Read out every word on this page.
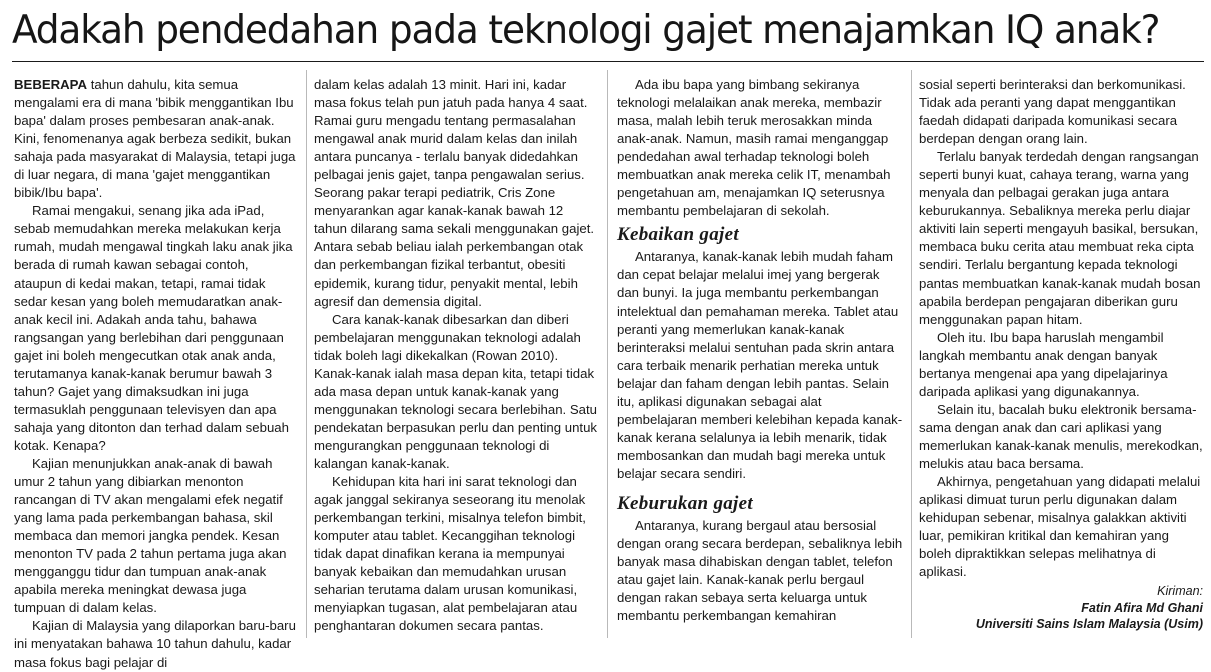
Adakah pendedahan pada teknologi gajet menajamkan IQ anak?

BEBERAPA tahun dahulu, kita semua mengalami era di mana 'bibik menggantikan Ibu bapa' dalam proses pembesaran anak-anak. Kini, fenomenanya agak berbeza sedikit, bukan sahaja pada masyarakat di Malaysia, tetapi juga di luar negara, di mana 'gajet menggantikan bibik/Ibu bapa'.

Ramai mengakui, senang jika ada iPad, sebab memudahkan mereka melakukan kerja rumah, mudah mengawal tingkah laku anak jika berada di rumah kawan sebagai contoh, ataupun di kedai makan, tetapi, ramai tidak sedar kesan yang boleh memudaratkan anak-anak kecil ini. Adakah anda tahu, bahawa rangsangan yang berlebihan dari penggunaan gajet ini boleh mengecutkan otak anak anda, terutamanya kanak-kanak berumur bawah 3 tahun? Gajet yang dimaksudkan ini juga termasuklah penggunaan televisyen dan apa sahaja yang ditonton dan terhad dalam sebuah kotak. Kenapa?

Kajian menunjukkan anak-anak di bawah umur 2 tahun yang dibiarkan menonton rancangan di TV akan mengalami efek negatif yang lama pada perkembangan bahasa, skil membaca dan memori jangka pendek. Kesan menonton TV pada 2 tahun pertama juga akan mengganggu tidur dan tumpuan anak-anak apabila mereka meningkat dewasa juga tumpuan di dalam kelas.

Kajian di Malaysia yang dilaporkan baru-baru ini menyatakan bahawa 10 tahun dahulu, kadar masa fokus bagi pelajar di

dalam kelas adalah 13 minit. Hari ini, kadar masa fokus telah pun jatuh pada hanya 4 saat. Ramai guru mengadu tentang permasalahan mengawal anak murid dalam kelas dan inilah antara puncanya - terlalu banyak didedahkan pelbagai jenis gajet, tanpa pengawalan serius. Seorang pakar terapi pediatrik, Cris Zone menyarankan agar kanak-kanak bawah 12 tahun dilarang sama sekali menggunakan gajet. Antara sebab beliau ialah perkembangan otak dan perkembangan fizikal terbantut, obesiti epidemik, kurang tidur, penyakit mental, lebih agresif dan demensia digital.

Cara kanak-kanak dibesarkan dan diberi pembelajaran menggunakan teknologi adalah tidak boleh lagi dikekalkan (Rowan 2010). Kanak-kanak ialah masa depan kita, tetapi tidak ada masa depan untuk kanak-kanak yang menggunakan teknologi secara berlebihan. Satu pendekatan berpasukan perlu dan penting untuk mengurangkan penggunaan teknologi di kalangan kanak-kanak.

Kehidupan kita hari ini sarat teknologi dan agak janggal sekiranya seseorang itu menolak perkembangan terkini, misalnya telefon bimbit, komputer atau tablet. Kecanggihan teknologi tidak dapat dinafikan kerana ia mempunyai banyak kebaikan dan memudahkan urusan seharian terutama dalam urusan komunikasi, menyiapkan tugasan, alat pembelajaran atau penghantaran dokumen secara pantas.

Ada ibu bapa yang bimbang sekiranya teknologi melalaikan anak mereka, membazir masa, malah lebih teruk merosakkan minda anak-anak. Namun, masih ramai menganggap pendedahan awal terhadap teknologi boleh membuatkan anak mereka celik IT, menambah pengetahuan am, menajamkan IQ seterusnya membantu pembelajaran di sekolah.

Kebaikan gajet

Antaranya, kanak-kanak lebih mudah faham dan cepat belajar melalui imej yang bergerak dan bunyi. Ia juga membantu perkembangan intelektual dan pemahaman mereka. Tablet atau peranti yang memerlukan kanak-kanak berinteraksi melalui sentuhan pada skrin antara cara terbaik menarik perhatian mereka untuk belajar dan faham dengan lebih pantas. Selain itu, aplikasi digunakan sebagai alat pembelajaran memberi kelebihan kepada kanak-kanak kerana selalunya ia lebih menarik, tidak membosankan dan mudah bagi mereka untuk belajar secara sendiri.

Keburukan gajet

Antaranya, kurang bergaul atau bersosial dengan orang secara berdepan, sebaliknya lebih banyak masa dihabiskan dengan tablet, telefon atau gajet lain. Kanak-kanak perlu bergaul dengan rakan sebaya serta keluarga untuk membantu perkembangan kemahiran

sosial seperti berinteraksi dan berkomunikasi. Tidak ada peranti yang dapat menggantikan faedah didapati daripada komunikasi secara berdepan dengan orang lain.

Terlalu banyak terdedah dengan rangsangan seperti bunyi kuat, cahaya terang, warna yang menyala dan pelbagai gerakan juga antara keburukannya. Sebaliknya mereka perlu diajar aktiviti lain seperti mengayuh basikal, bersukan, membaca buku cerita atau membuat reka cipta sendiri. Terlalu bergantung kepada teknologi pantas membuatkan kanak-kanak mudah bosan apabila berdepan pengajaran diberikan guru menggunakan papan hitam.

Oleh itu. Ibu bapa haruslah mengambil langkah membantu anak dengan banyak bertanya mengenai apa yang dipelajarinya daripada aplikasi yang digunakannya.

Selain itu, bacalah buku elektronik bersama-sama dengan anak dan cari aplikasi yang memerlukan kanak-kanak menulis, merekodkan, melukis atau baca bersama.

Akhirnya, pengetahuan yang didapati melalui aplikasi dimuat turun perlu digunakan dalam kehidupan sebenar, misalnya galakkan aktiviti luar, pemikiran kritikal dan kemahiran yang boleh dipraktikkan selepas melihatnya di aplikasi.

Kiriman:
Fatin Afira Md Ghani
Universiti Sains Islam Malaysia (Usim)
